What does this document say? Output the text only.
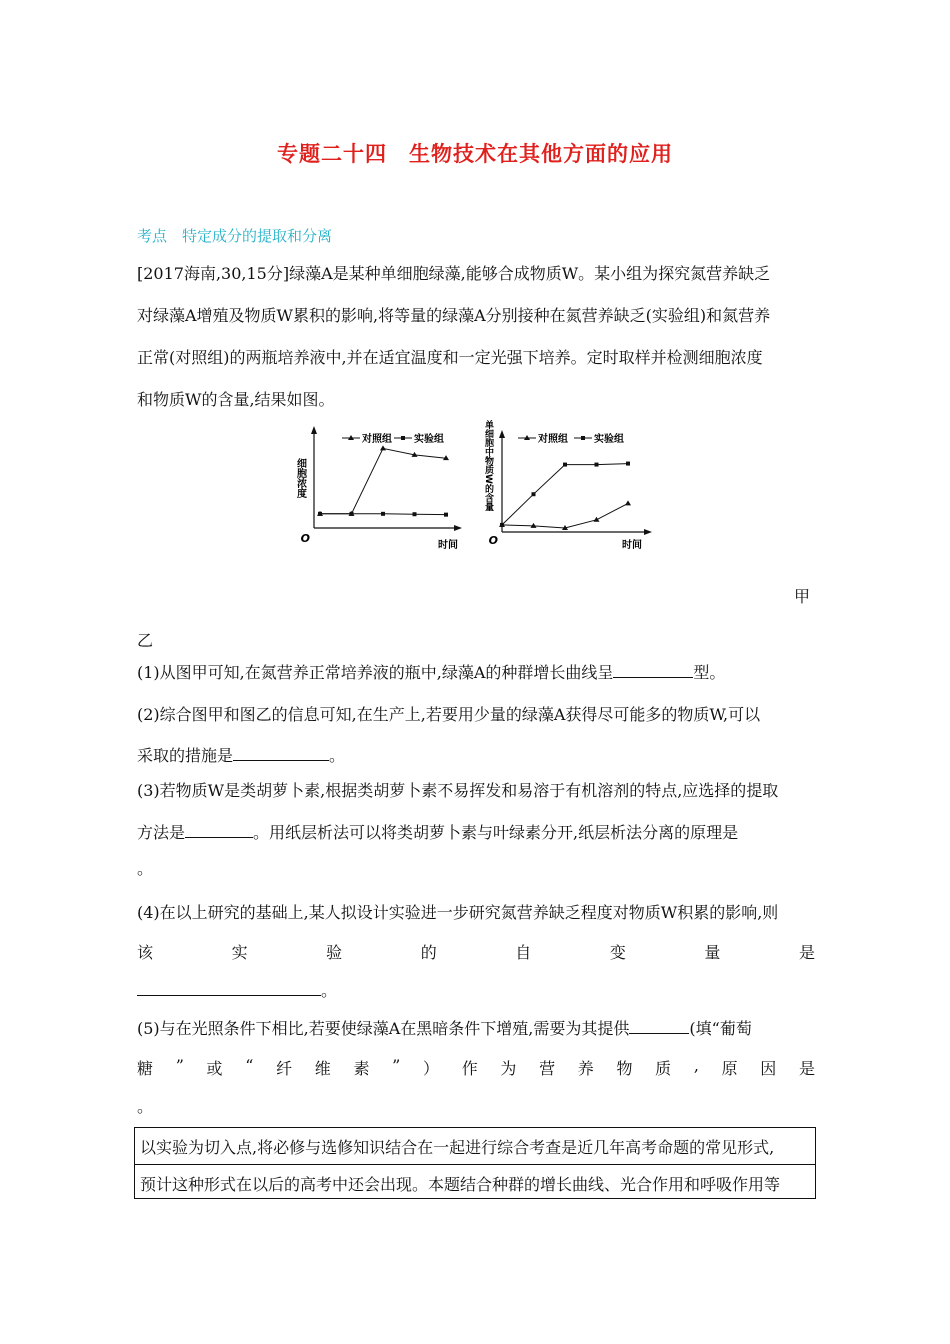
专题二十四　生物技术在其他方面的应用
考点　特定成分的提取和分离
[2017海南,30,15分]绿藻A是某种单细胞绿藻,能够合成物质W。某小组为探究氮营养缺乏
对绿藻A增殖及物质W累积的影响,将等量的绿藻A分别接种在氮营养缺乏(实验组)和氮营养
正常(对照组)的两瓶培养液中,并在适宜温度和一定光强下培养。定时取样并检测细胞浓度
和物质W的含量,结果如图。
O
时间
细胞浓度
对照组 实验组
O	时间
单细胞中物质W的含量	对照组	实验组
甲
乙
(1)从图甲可知,在氮营养正常培养液的瓶中,绿藻A的种群增长曲线呈	型。
(2)综合图甲和图乙的信息可知,在生产上,若要用少量的绿藻A获得尽可能多的物质W,可以
采取的措施是	。
(3)若物质W是类胡萝卜素,根据类胡萝卜素不易挥发和易溶于有机溶剂的特点,应选择的提取
方法是	。用纸层析法可以将类胡萝卜素与叶绿素分开,纸层析法分离的原理是
。
(4)在以上研究的基础上,某人拟设计实验进一步研究氮营养缺乏程度对物质W积累的影响,则
该	实	验	的	自	变	量	是
。
(5)与在光照条件下相比,若要使绿藻A在黑暗条件下增殖,需要为其提供	(填“葡萄
糖 ” 或 “ 纤 维 素 ” ） 作 为 营 养 物 质 , 原 因 是
。
以实验为切入点,将必修与选修知识结合在一起进行综合考查是近几年高考命题的常见形式,
预计这种形式在以后的高考中还会出现。本题结合种群的增长曲线、光合作用和呼吸作用等
